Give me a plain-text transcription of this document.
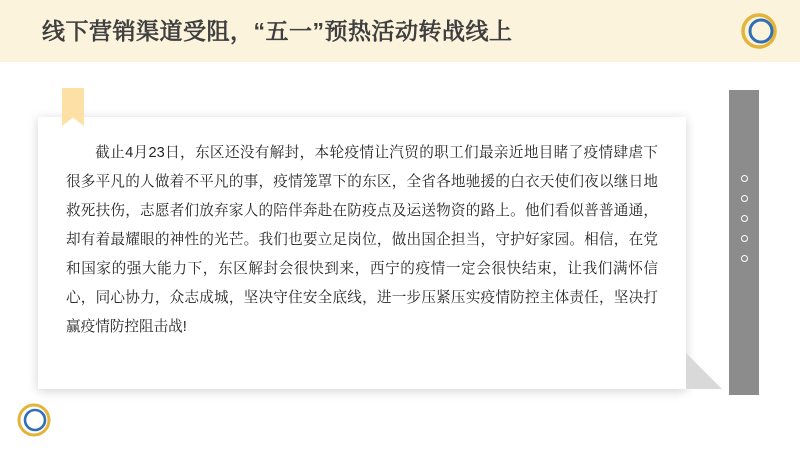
线下营销渠道受阻，“五一”预热活动转战线上
截止4月23日，东区还没有解封，本轮疫情让汽贸的职工们最亲近地目睹了疫情肆虐下很多平凡的人做着不平凡的事，疫情笼罩下的东区，全省各地驰援的白衣天使们夜以继日地救死扶伤，志愿者们放弃家人的陪伴奔赴在防疫点及运送物资的路上。他们看似普普通通，却有着最耀眼的神性的光芒。我们也要立足岗位，做出国企担当，守护好家园。相信，在党和国家的强大能力下，东区解封会很快到来，西宁的疫情一定会很快结束，让我们满怀信心，同心协力，众志成城，坚决守住安全底线，进一步压紧压实疫情防控主体责任，坚决打赢疫情防控阻击战!
